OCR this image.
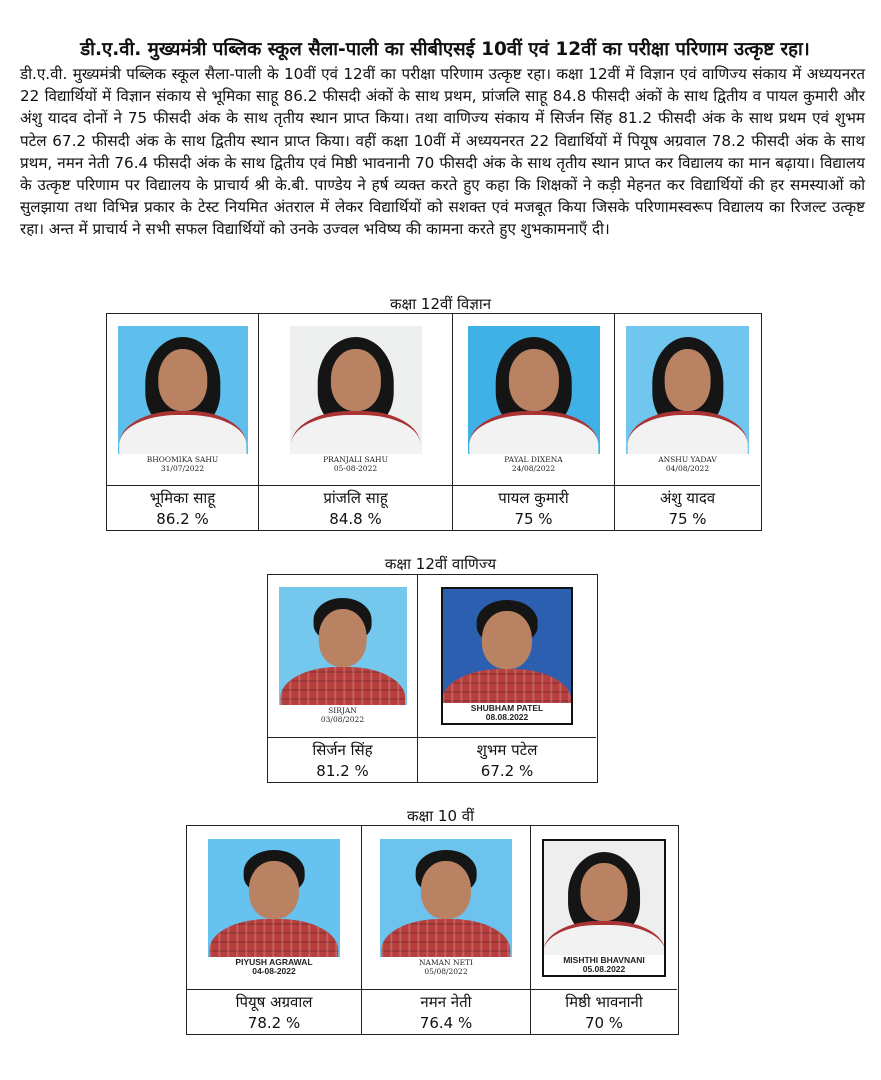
डी.ए.वी. मुख्यमंत्री पब्लिक स्कूल सैला-पाली का सीबीएसई 10वीं एवं 12वीं का परीक्षा परिणाम उत्कृष्ट रहा।
डी.ए.वी. मुख्यमंत्री पब्लिक स्कूल सैला-पाली के 10वीं एवं 12वीं का परीक्षा परिणाम उत्कृष्ट रहा। कक्षा 12वीं में विज्ञान एवं वाणिज्य संकाय में अध्ययनरत 22 विद्यार्थियों में विज्ञान संकाय से भूमिका साहू 86.2 फीसदी अंकों के साथ प्रथम, प्रांजलि साहू 84.8 फीसदी अंकों के साथ द्वितीय व पायल कुमारी और अंशु यादव दोनों ने 75 फीसदी अंक के साथ तृतीय स्थान प्राप्त किया। तथा वाणिज्य संकाय में सिर्जन सिंह 81.2 फीसदी अंक के साथ प्रथम एवं शुभम पटेल 67.2 फीसदी अंक के साथ द्वितीय स्थान प्राप्त किया। वहीं कक्षा 10वीं में अध्ययनरत 22 विद्यार्थियों में पियूष अग्रवाल 78.2 फीसदी अंक के साथ प्रथम, नमन नेती 76.4 फीसदी अंक के साथ द्वितीय एवं मिष्ठी भावनानी 70 फीसदी अंक के साथ तृतीय स्थान प्राप्त कर विद्यालय का मान बढ़ाया। विद्यालय के उत्कृष्ट परिणाम पर विद्यालय के प्राचार्य श्री के.बी. पाण्डेय ने हर्ष व्यक्त करते हुए कहा कि शिक्षकों ने कड़ी मेहनत कर विद्यार्थियों की हर समस्याओं को सुलझाया तथा विभिन्न प्रकार के टेस्ट नियमित अंतराल में लेकर विद्यार्थियों को सशक्त एवं मजबूत किया जिसके परिणामस्वरूप विद्यालय का रिजल्ट उत्कृष्ट रहा। अन्त में प्राचार्य ने सभी सफल विद्यार्थियों को उनके उज्वल भविष्य की कामना करते हुए शुभकामनाएँ दी।
कक्षा 12वीं विज्ञान
BHOOMIKA SAHU
31/07/2022
भूमिका साहू
86.2 %
PRANJALI SAHU
05-08-2022
प्रांजलि साहू
84.8 %
PAYAL DIXENA
24/08/2022
पायल कुमारी
75 %
ANSHU YADAV
04/08/2022
अंशु यादव
75 %
कक्षा 12वीं वाणिज्य
SIRJAN
03/08/2022
सिर्जन सिंह
81.2 %
SHUBHAM PATEL
08.08.2022
शुभम पटेल
67.2 %
कक्षा 10 वीं
PIYUSH AGRAWAL
04-08-2022
पियूष अग्रवाल
78.2 %
NAMAN NETI
05/08/2022
नमन नेती
76.4 %
MISHTHI BHAVNANI
05.08.2022
मिष्ठी भावनानी
70 %
